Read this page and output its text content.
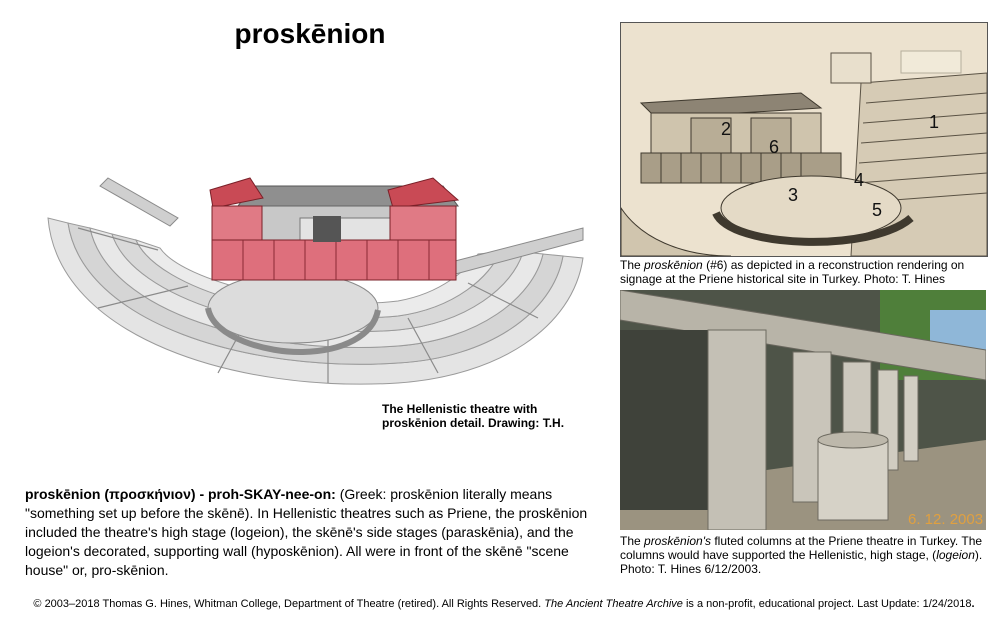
proskēnion
The Hellenistic theatre with
proskēnion detail. Drawing: T.H.
proskēnion (προσκήνιον) - proh-SKAY-nee-on: (Greek: proskēnion literally means "something set up before the skēnē). In Hellenistic theatres such as Priene, the proskēnion included the theatre's high stage (logeion), the skēnē's side stages (paraskēnia), and the logeion's decorated, supporting wall (hyposkēnion). All were in front of the skēnē "scene house" or, pro-skēnion.
1
2
3
4
5
6
The proskēnion (#6) as depicted in a reconstruction rendering on signage at the Priene historical site in Turkey. Photo: T. Hines
6. 12. 2003
The proskēnion's fluted columns at the Priene theatre in Turkey. The columns would have supported the Hellenistic, high stage, (logeion). Photo: T. Hines 6/12/2003.
© 2003–2018 Thomas G. Hines, Whitman College, Department of Theatre (retired). All Rights Reserved. The Ancient Theatre Archive is a non-profit, educational project. Last Update: 1/24/2018.
